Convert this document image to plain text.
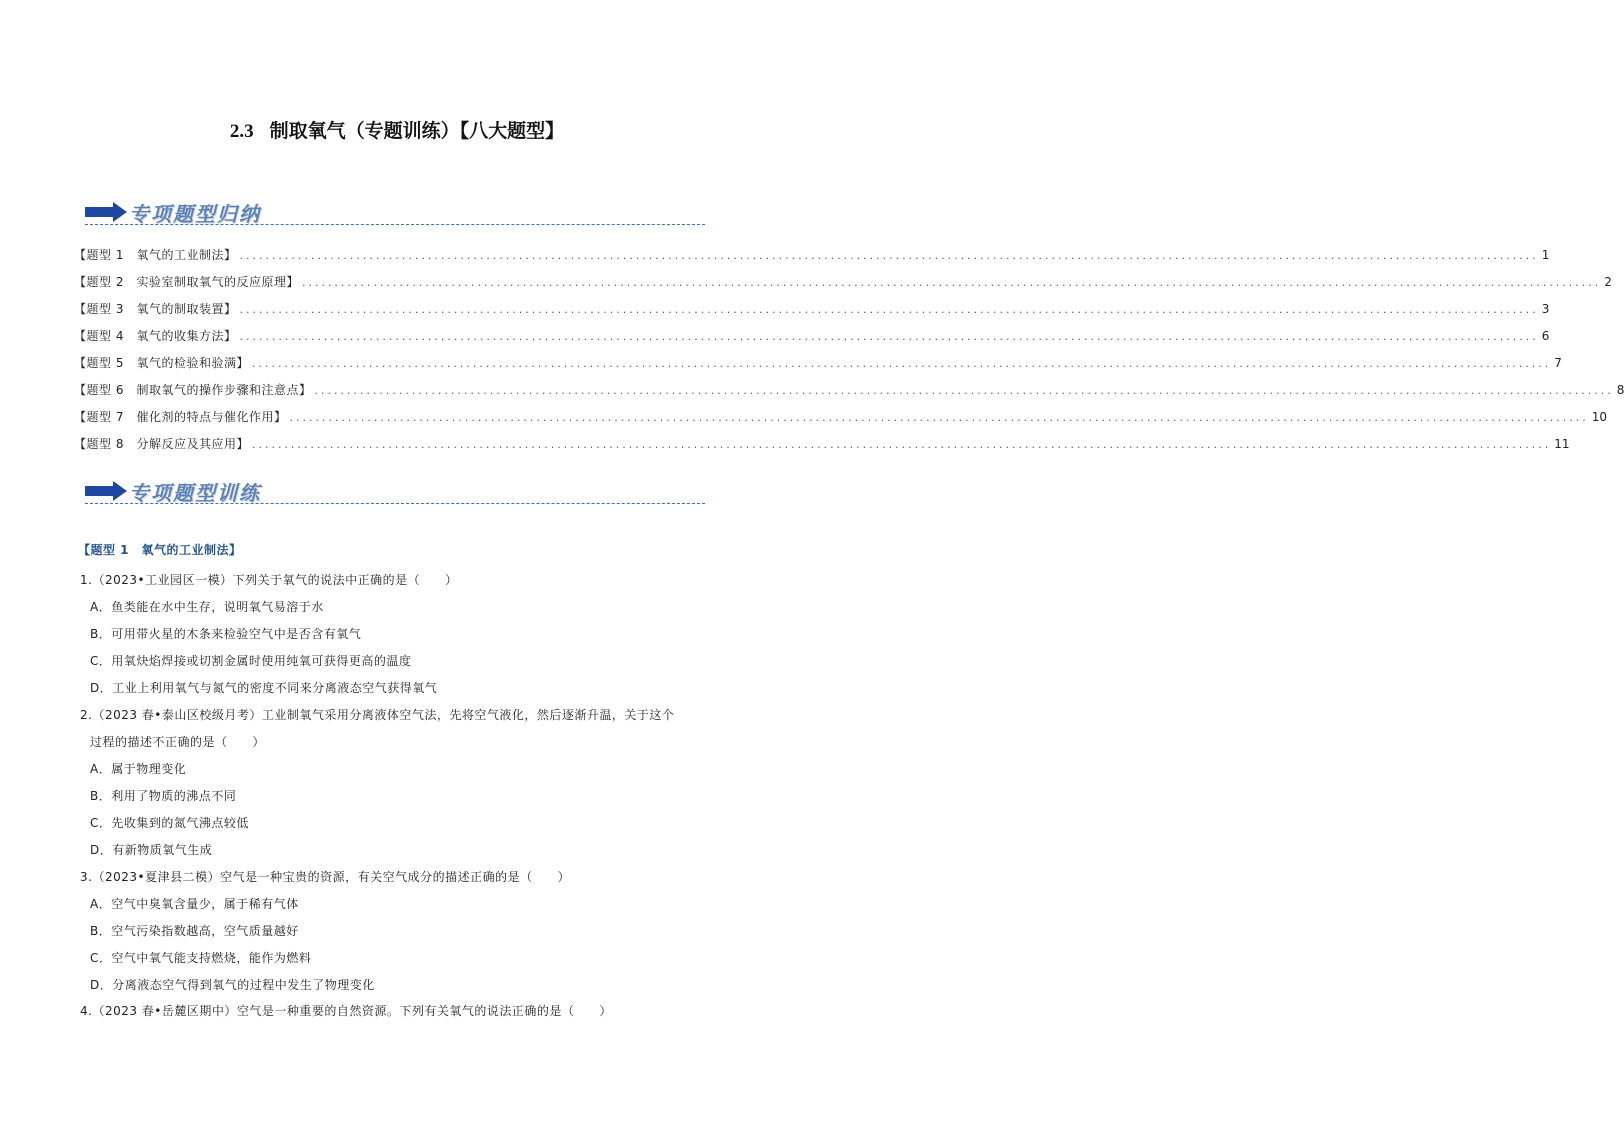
2.3 制取氧气（专题训练）【八大题型】
专项题型归纳
【题型 1　氧气的工业制法】 ........................................................................................................................................................................................................ 1
【题型 2　实验室制取氧气的反应原理】 ........................................................................................................................................................................................................ 2
【题型 3　氧气的制取装置】 ........................................................................................................................................................................................................ 3
【题型 4　氧气的收集方法】 ........................................................................................................................................................................................................ 6
【题型 5　氧气的检验和验满】 ........................................................................................................................................................................................................ 7
【题型 6　制取氧气的操作步骤和注意点】 ........................................................................................................................................................................................................ 8
【题型 7　催化剂的特点与催化作用】 ........................................................................................................................................................................................................ 10
【题型 8　分解反应及其应用】 ........................................................................................................................................................................................................ 11
专项题型训练
【题型 1　氧气的工业制法】
1.（2023•工业园区一模）下列关于氧气的说法中正确的是（　　）
A．鱼类能在水中生存，说明氧气易溶于水
B．可用带火星的木条来检验空气中是否含有氧气
C．用氧炔焰焊接或切割金属时使用纯氧可获得更高的温度
D．工业上利用氧气与氮气的密度不同来分离液态空气获得氧气
2.（2023 春•泰山区校级月考）工业制氧气采用分离液体空气法，先将空气液化，然后逐渐升温，关于这个
过程的描述不正确的是（　　）
A．属于物理变化
B．利用了物质的沸点不同
C．先收集到的氮气沸点较低
D．有新物质氧气生成
3.（2023•夏津县二模）空气是一种宝贵的资源，有关空气成分的描述正确的是（　　）
A．空气中臭氧含量少，属于稀有气体
B．空气污染指数越高，空气质量越好
C．空气中氧气能支持燃烧，能作为燃料
D．分离液态空气得到氧气的过程中发生了物理变化
4.（2023 春•岳麓区期中）空气是一种重要的自然资源。下列有关氧气的说法正确的是（　　）
